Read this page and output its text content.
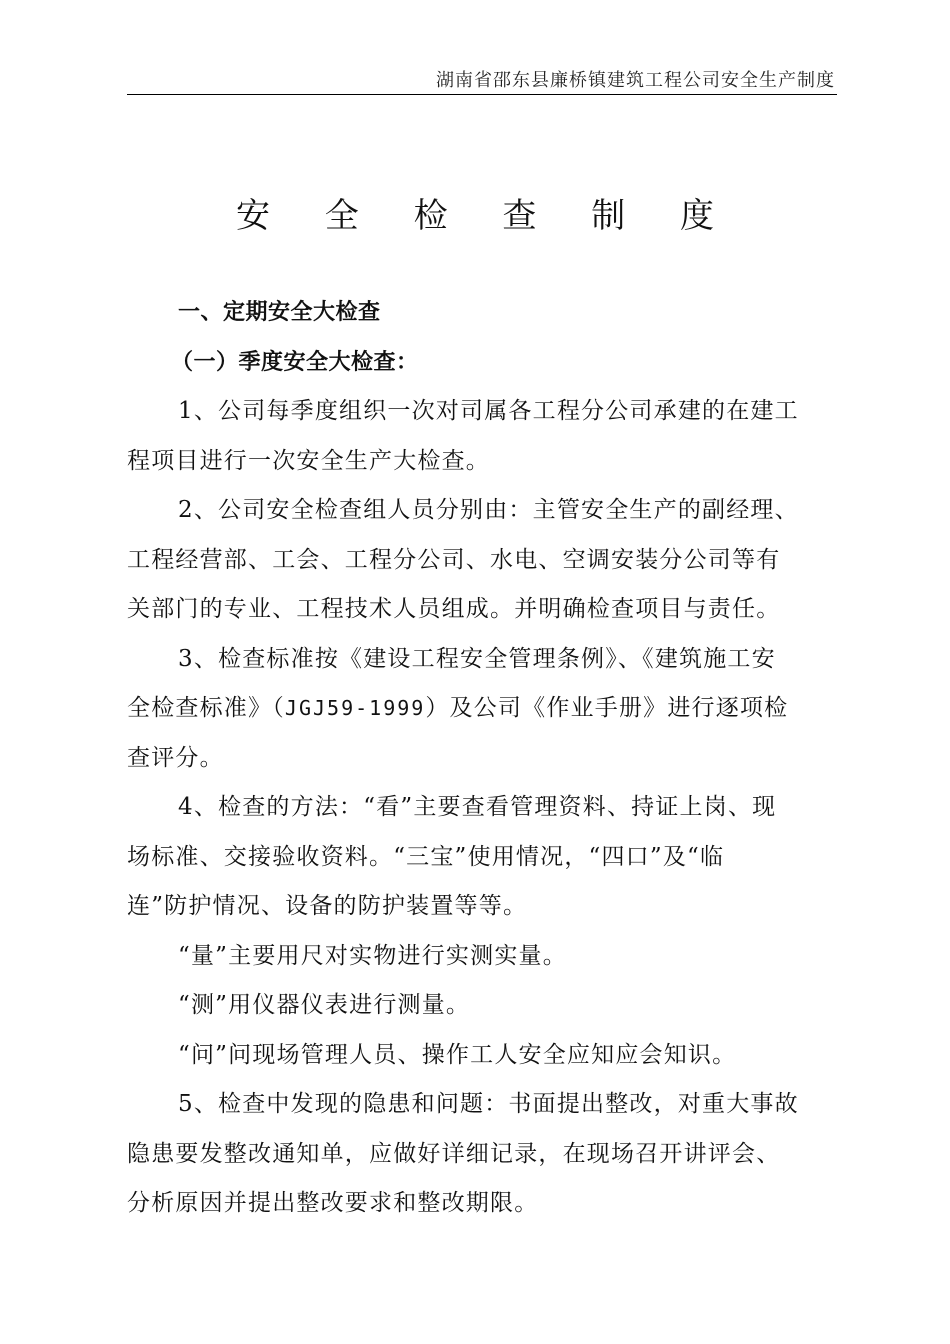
湖南省邵东县廉桥镇建筑工程公司安全生产制度
安 全 检 查 制 度
一、定期安全大检查
（一）季度安全大检查：
1、公司每季度组织一次对司属各工程分公司承建的在建工
程项目进行一次安全生产大检查。
2、公司安全检查组人员分别由：主管安全生产的副经理、
工程经营部、工会、工程分公司、水电、空调安装分公司等有
关部门的专业、工程技术人员组成。并明确检查项目与责任。
3、检查标准按《建设工程安全管理条例》、《建筑施工安
全检查标准》（JGJ59-1999）及公司《作业手册》进行逐项检
查评分。
4、检查的方法：“看”主要查看管理资料、持证上岗、现
场标准、交接验收资料。“三宝”使用情况，“四口”及“临
连”防护情况、设备的防护装置等等。
“量”主要用尺对实物进行实测实量。
“测”用仪器仪表进行测量。
“问”问现场管理人员、操作工人安全应知应会知识。
5、检查中发现的隐患和问题：书面提出整改，对重大事故
隐患要发整改通知单，应做好详细记录，在现场召开讲评会、
分析原因并提出整改要求和整改期限。
